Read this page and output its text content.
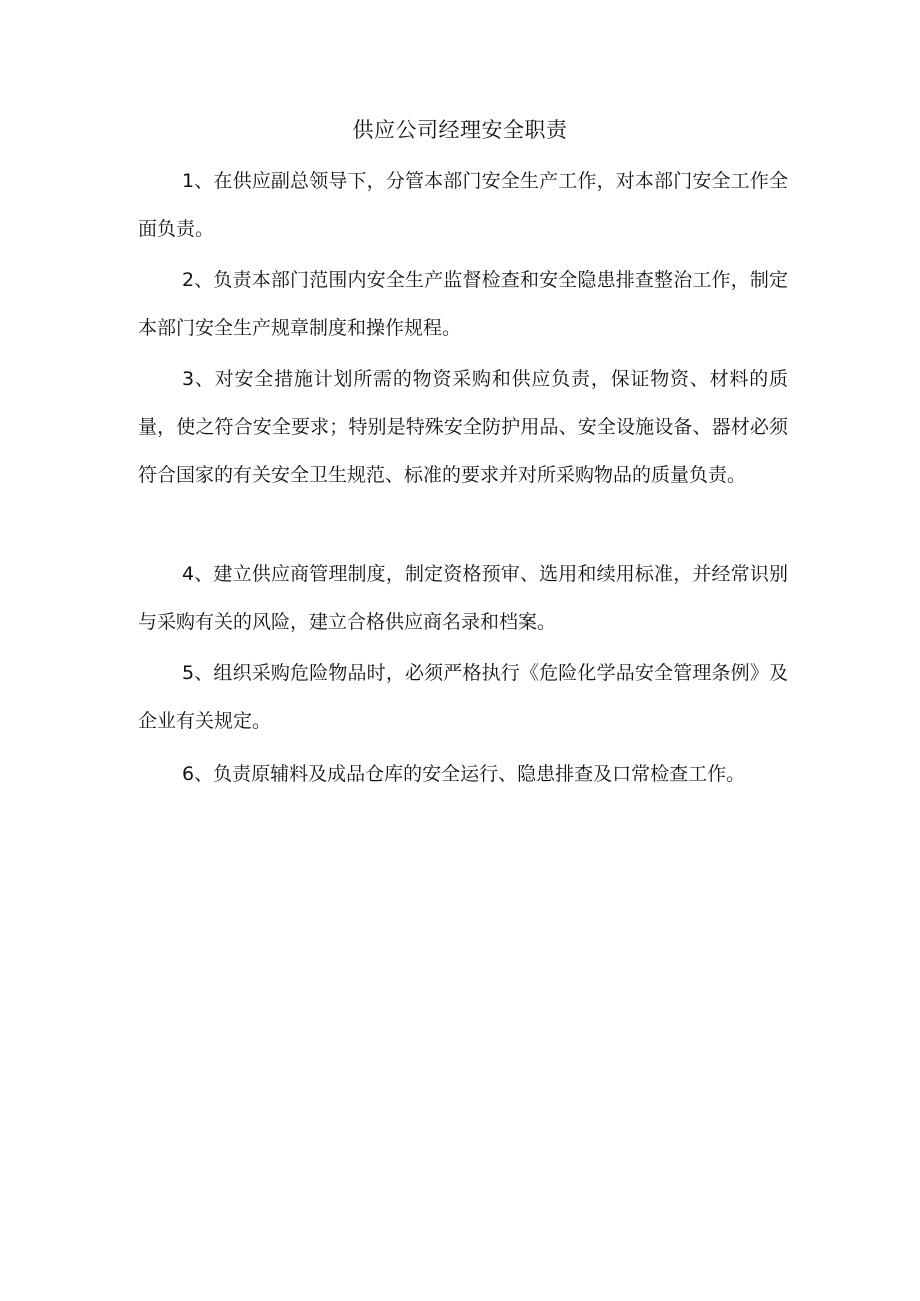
供应公司经理安全职责

1、在供应副总领导下，分管本部门安全生产工作，对本部门安全工作全面负责。

2、负责本部门范围内安全生产监督检查和安全隐患排查整治工作，制定本部门安全生产规章制度和操作规程。

3、对安全措施计划所需的物资采购和供应负责，保证物资、材料的质量，使之符合安全要求；特别是特殊安全防护用品、安全设施设备、器材必须符合国家的有关安全卫生规范、标准的要求并对所采购物品的质量负责。

4、建立供应商管理制度，制定资格预审、选用和续用标准，并经常识别与采购有关的风险，建立合格供应商名录和档案。

5、组织采购危险物品时，必须严格执行《危险化学品安全管理条例》及企业有关规定。

6、负责原辅料及成品仓库的安全运行、隐患排查及口常检查工作。
